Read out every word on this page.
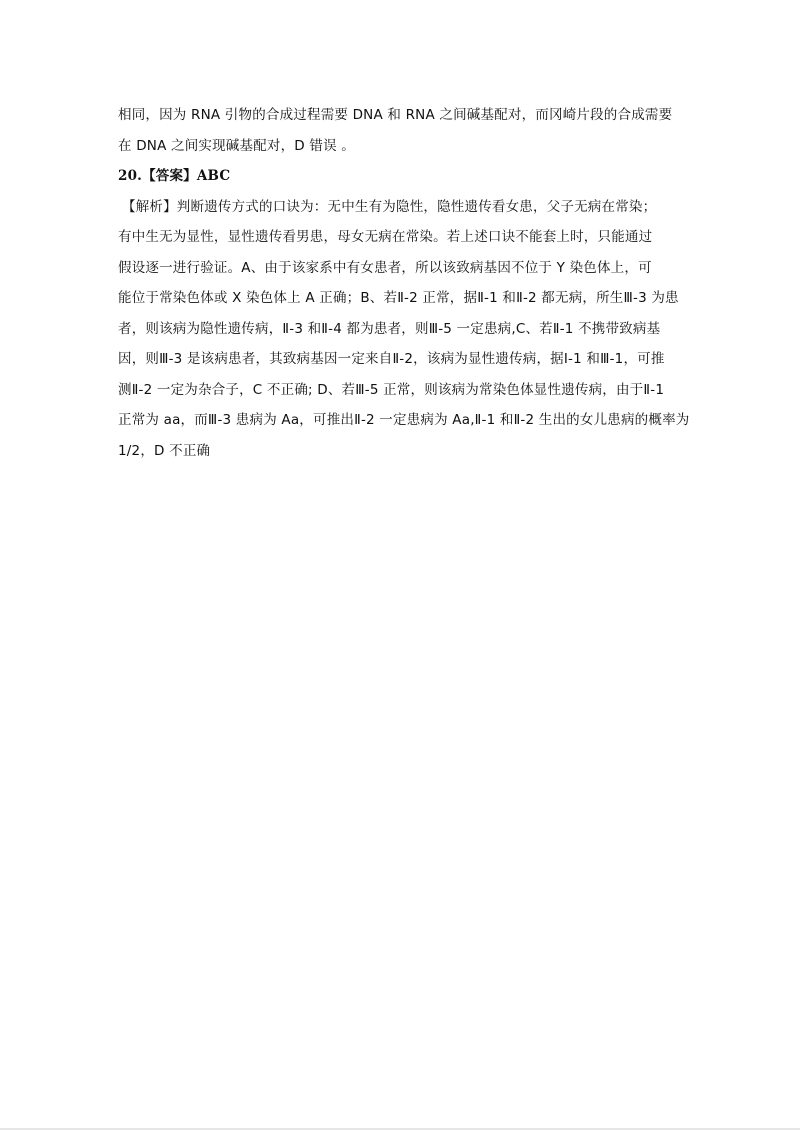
相同，因为 RNA 引物的合成过程需要 DNA 和 RNA 之间碱基配对，而冈崎片段的合成需要
在 DNA 之间实现碱基配对，D 错误 。
20.【答案】ABC
【解析】判断遗传方式的口诀为：无中生有为隐性，隐性遗传看女患，父子无病在常染；
有中生无为显性，显性遗传看男患，母女无病在常染。若上述口诀不能套上时，只能通过
假设逐一进行验证。A、由于该家系中有女患者，所以该致病基因不位于 Y 染色体上，可
能位于常染色体或 X 染色体上 A 正确；B、若Ⅱ-2 正常，据Ⅱ-1 和Ⅱ-2 都无病，所生Ⅲ-3 为患
者，则该病为隐性遗传病，Ⅱ-3 和Ⅱ-4 都为患者，则Ⅲ-5 一定患病,C、若Ⅱ-1 不携带致病基
因，则Ⅲ-3 是该病患者，其致病基因一定来自Ⅱ-2，该病为显性遗传病，据Ⅰ-1 和Ⅲ-1，可推
测Ⅱ-2 一定为杂合子，C 不正确; D、若Ⅲ-5 正常，则该病为常染色体显性遗传病，由于Ⅱ-1
正常为 aa，而Ⅲ-3 患病为 Aa，可推出Ⅱ-2 一定患病为 Aa,Ⅱ-1 和Ⅱ-2 生出的女儿患病的概率为
1/2，D 不正确
